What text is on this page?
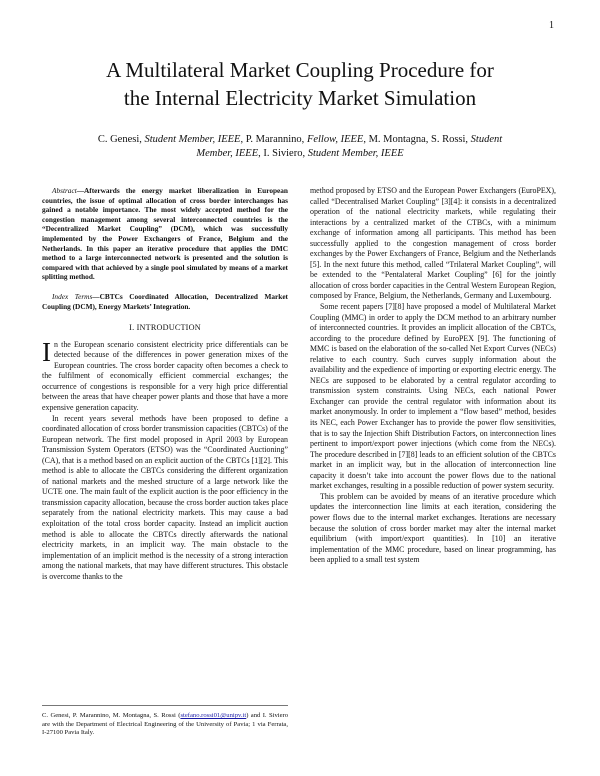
1
A Multilateral Market Coupling Procedure for
the Internal Electricity Market Simulation
C. Genesi, Student Member, IEEE, P. Marannino, Fellow, IEEE, M. Montagna, S. Rossi, Student
Member, IEEE, I. Siviero, Student Member, IEEE

Abstract—Afterwards the energy market liberalization in European countries, the issue of optimal allocation of cross border interchanges has gained a notable importance. The most widely accepted method for the congestion management among several interconnected countries is the “Decentralized Market Coupling” (DCM), which was successfully implemented by the Power Exchangers of France, Belgium and the Netherlands. In this paper an iterative procedure that applies the DMC method to a large interconnected network is presented and the solution is compared with that achieved by a single pool simulated by means of a market splitting method.

Index Terms—CBTCs Coordinated Allocation, Decentralized Market Coupling (DCM), Energy Markets’ Integration.

I. INTRODUCTION

In the European scenario consistent electricity price differentials can be detected because of the differences in power generation mixes of the European countries. The cross border capacity often becomes a check to the fulfilment of economically efficient commercial exchanges; the occurrence of congestions is responsible for a very high price differential between the areas that have cheaper power plants and those that have a more expensive generation capacity.

In recent years several methods have been proposed to define a coordinated allocation of cross border transmission capacities (CBTCs) of the European network. The first model proposed in April 2003 by European Transmission System Operators (ETSO) was the “Coordinated Auctioning” (CA), that is a method based on an explicit auction of the CBTCs [1][2]. This method is able to allocate the CBTCs considering the different organization of national markets and the meshed structure of a large network like the UCTE one. The main fault of the explicit auction is the poor efficiency in the transmission capacity allocation, because the cross border auction takes place separately from the national electricity markets. This may cause a bad exploitation of the total cross border capacity. Instead an implicit auction method is able to allocate the CBTCs directly afterwards the national electricity markets, in an implicit way. The main obstacle to the implementation of an implicit method is the necessity of a strong interaction among the national markets, that may have different structures. This obstacle is overcome thanks to the

method proposed by ETSO and the European Power Exchangers (EuroPEX), called “Decentralised Market Coupling” [3][4]: it consists in a decentralized operation of the national electricity markets, while regulating their interactions by a centralized market of the CTBCs, with a minimum exchange of information among all participants. This method has been successfully applied to the congestion management of cross border exchanges by the Power Exchangers of France, Belgium and the Netherlands [5]. In the next future this method, called “Trilateral Market Coupling”, will be extended to the “Pentalateral Market Coupling” [6] for the jointly allocation of cross border capacities in the Central Western European Region, composed by France, Belgium, the Netherlands, Germany and Luxembourg.

Some recent papers [7][8] have proposed a model of Multilateral Market Coupling (MMC) in order to apply the DCM method to an arbitrary number of interconnected countries. It provides an implicit allocation of the CBTCs, according to the procedure defined by EuroPEX [9]. The functioning of MMC is based on the elaboration of the so-called Net Export Curves (NECs) relative to each country. Such curves supply information about the availability and the expedience of importing or exporting electric energy. The NECs are supposed to be elaborated by a central regulator according to transmission system constraints. Using NECs, each national Power Exchanger can provide the central regulator with information about its market anonymously. In order to implement a “flow based” method, besides its NEC, each Power Exchanger has to provide the power flow sensitivities, that is to say the Injection Shift Distribution Factors, on interconnection lines pertinent to import/export power injections (which come from the NECs). The procedure described in [7][8] leads to an efficient solution of the CBTCs market in an implicit way, but in the allocation of interconnection line capacity it doesn’t take into account the power flows due to the national market exchanges, resulting in a possible reduction of power system security.

This problem can be avoided by means of an iterative procedure which updates the interconnection line limits at each iteration, considering the power flows due to the internal market exchanges. Iterations are necessary because the solution of cross border market may alter the internal market equilibrium (with import/export quantities). In [10] an iterative implementation of the MMC procedure, based on linear programming, has been applied to a small test system

C. Genesi, P. Marannino, M. Montagna, S. Rossi (stefano.rossi01@unipv.it) and I. Siviero are with the Department of Electrical Engineering of the University of Pavia; 1 via Ferrata, I-27100 Pavia Italy.
